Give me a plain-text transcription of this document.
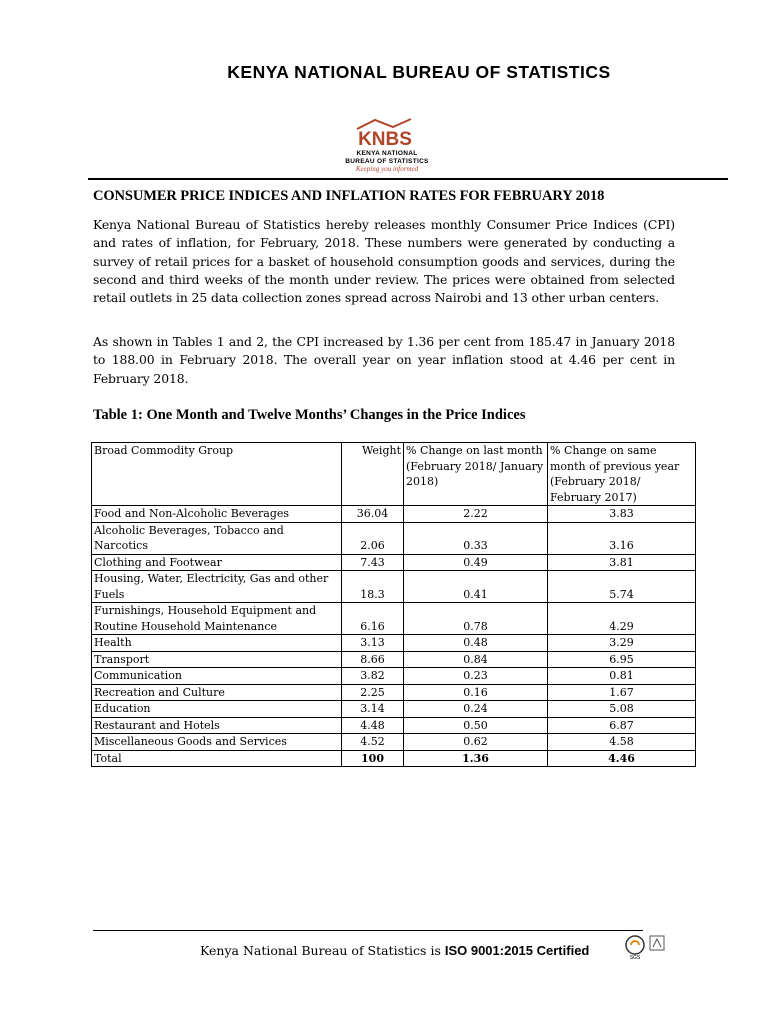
KENYA NATIONAL BUREAU OF STATISTICS
KNBS
KENYA NATIONAL
BUREAU OF STATISTICS
Keeping you informed
CONSUMER PRICE INDICES AND INFLATION RATES FOR FEBRUARY 2018

Kenya National Bureau of Statistics hereby releases monthly Consumer Price Indices (CPI) and rates of inflation, for February, 2018. These numbers were generated by conducting a survey of retail prices for a basket of household consumption goods and services, during the second and third weeks of the month under review. The prices were obtained from selected retail outlets in 25 data collection zones spread across Nairobi and 13 other urban centers.

As shown in Tables 1 and 2, the CPI increased by 1.36 per cent from 185.47 in January 2018 to 188.00 in February 2018. The overall year on year inflation stood at 4.46 per cent in February 2018.

Table 1: One Month and Twelve Months’ Changes in the Price Indices
Broad Commodity Group	Weight	% Change on last month (February 2018/ January 2018)	% Change on same month of previous year (February 2018/ February 2017)
Food and Non-Alcoholic Beverages	36.04	2.22	3.83
Alcoholic Beverages, Tobacco and Narcotics	2.06	0.33	3.16
Clothing and Footwear	7.43	0.49	3.81
Housing, Water, Electricity, Gas and other Fuels	18.3	0.41	5.74
Furnishings, Household Equipment and Routine Household Maintenance	6.16	0.78	4.29
Health	3.13	0.48	3.29
Transport	8.66	0.84	6.95
Communication	3.82	0.23	0.81
Recreation and Culture	2.25	0.16	1.67
Education	3.14	0.24	5.08
Restaurant and Hotels	4.48	0.50	6.87
Miscellaneous Goods and Services	4.52	0.62	4.58
Total	100	1.36	4.46

Kenya National Bureau of Statistics is ISO 9001:2015 Certified	SGS
